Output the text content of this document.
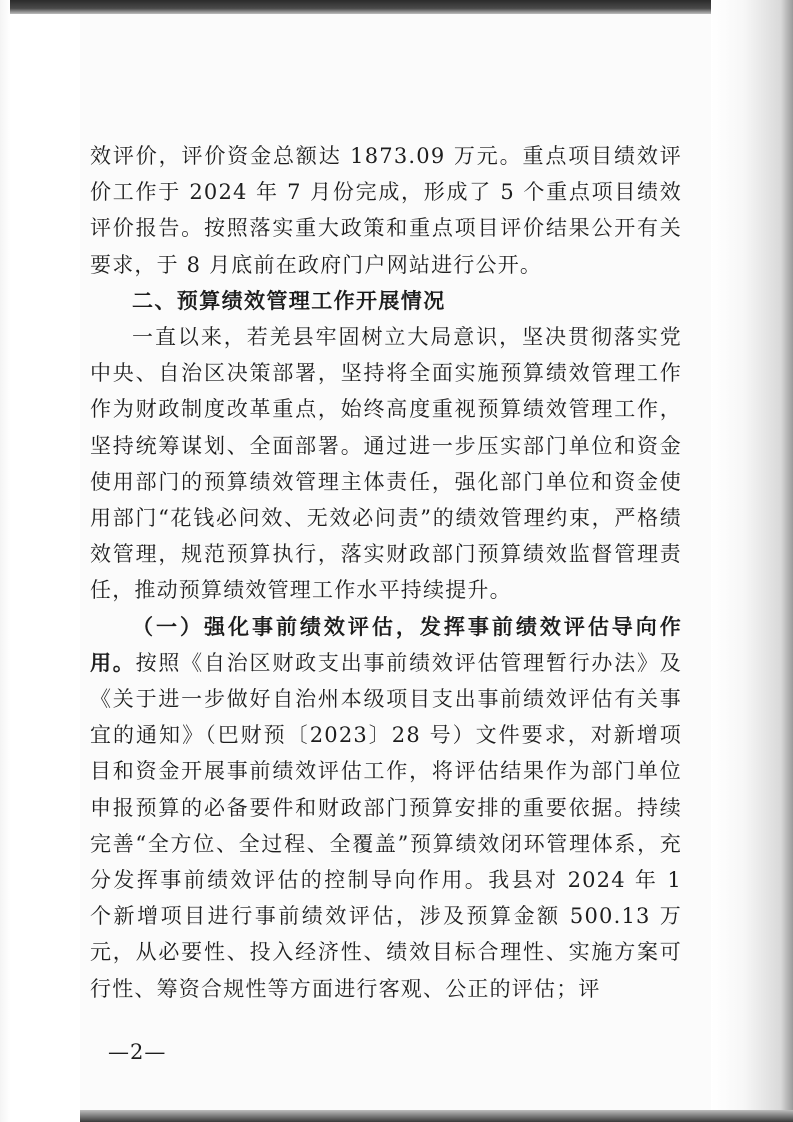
效评价，评价资金总额达 1873.09 万元。重点项目绩效评价工作于 2024 年 7 月份完成，形成了 5 个重点项目绩效评价报告。按照落实重大政策和重点项目评价结果公开有关要求，于 8 月底前在政府门户网站进行公开。

二、预算绩效管理工作开展情况

一直以来，若羌县牢固树立大局意识，坚决贯彻落实党中央、自治区决策部署，坚持将全面实施预算绩效管理工作作为财政制度改革重点，始终高度重视预算绩效管理工作，坚持统筹谋划、全面部署。通过进一步压实部门单位和资金使用部门的预算绩效管理主体责任，强化部门单位和资金使用部门“花钱必问效、无效必问责”的绩效管理约束，严格绩效管理，规范预算执行，落实财政部门预算绩效监督管理责任，推动预算绩效管理工作水平持续提升。

（一）强化事前绩效评估，发挥事前绩效评估导向作用。按照《自治区财政支出事前绩效评估管理暂行办法》及《关于进一步做好自治州本级项目支出事前绩效评估有关事宜的通知》（巴财预〔2023〕28 号）文件要求，对新增项目和资金开展事前绩效评估工作，将评估结果作为部门单位申报预算的必备要件和财政部门预算安排的重要依据。持续完善“全方位、全过程、全覆盖”预算绩效闭环管理体系，充分发挥事前绩效评估的控制导向作用。我县对 2024 年 1 个新增项目进行事前绩效评估，涉及预算金额 500.13 万元，从必要性、投入经济性、绩效目标合理性、实施方案可行性、筹资合规性等方面进行客观、公正的评估；评

—2—
